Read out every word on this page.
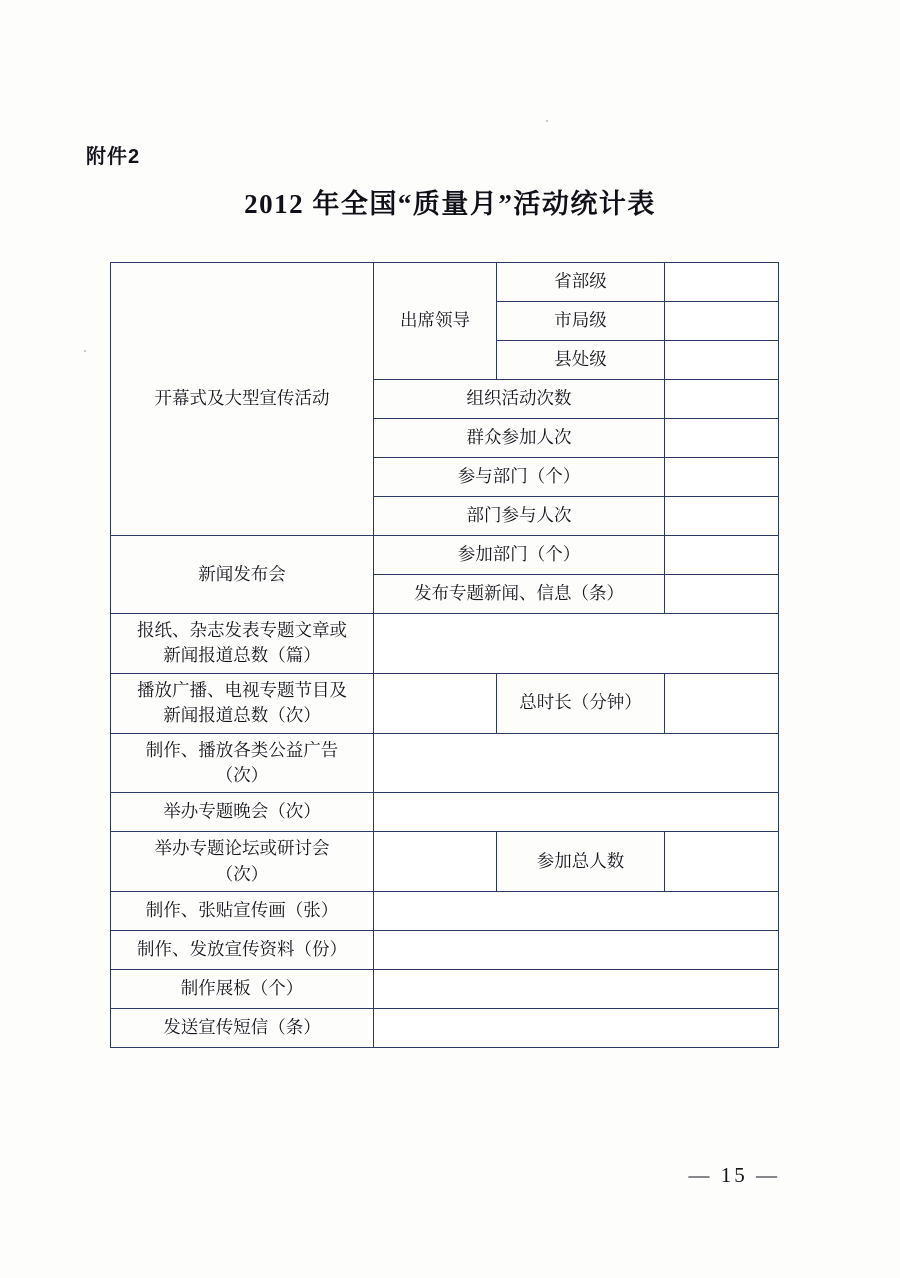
附件2
2012 年全国“质量月”活动统计表
开幕式及大型宣传活动	出席领导	省部级	
		市局级	
		县处级	
	组织活动次数		
	群众参加人次		
	参与部门（个）		
	部门参与人次		
新闻发布会	参加部门（个）		
	发布专题新闻、信息（条）		

报纸、杂志发表专题文章或
新闻报道总数（篇）			

播放广播、电视专题节目及
新闻报道总数（次）		总时长（分钟）	

制作、播放各类公益广告
（次）			

举办专题晚会（次）			

举办专题论坛或研讨会
（次）		参加总人数	
制作、张贴宣传画（张）			
制作、发放宣传资料（份）			
制作展板（个）			
发送宣传短信（条）			
— 15 —
